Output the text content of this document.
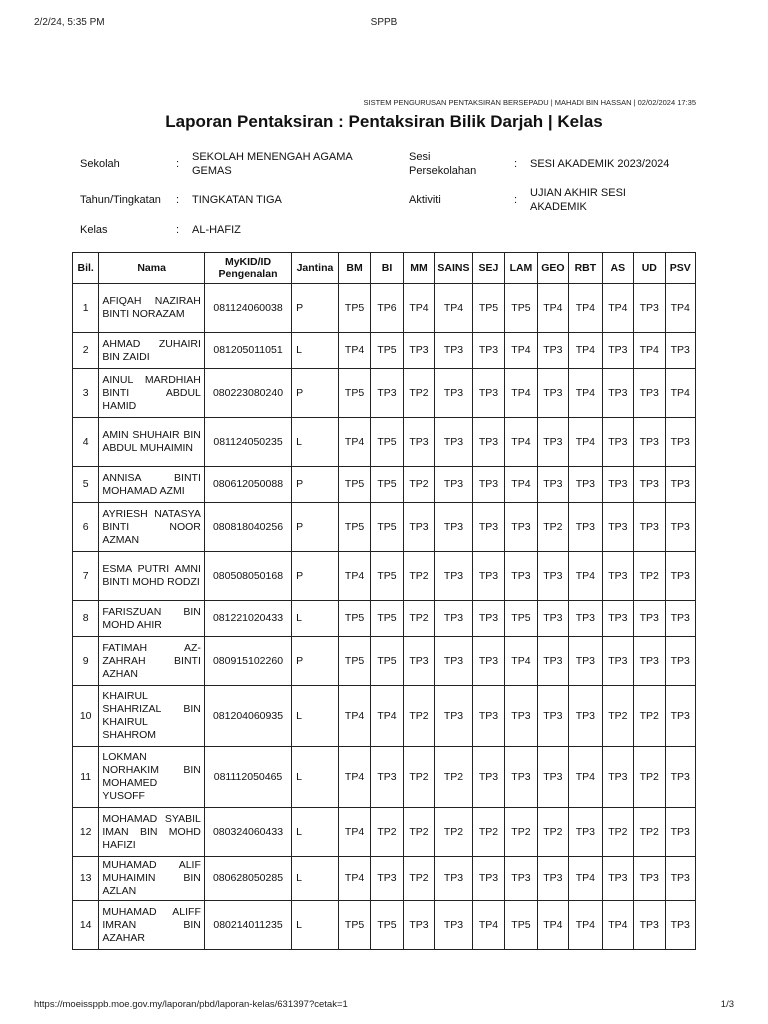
2/2/24, 5:35 PM	SPPB
SISTEM PENGURUSAN PENTAKSIRAN BERSEPADU | MAHADI BIN HASSAN | 02/02/2024 17:35
Laporan Pentaksiran : Pentaksiran Bilik Darjah | Kelas
Sekolah	:
SEKOLAH MENENGAH AGAMA GEMAS
Sesi Persekolahan
: SESI AKADEMIK 2023/2024
Tahun/Tingkatan : TINGKATAN TIGA	Aktiviti	:
UJIAN AKHIR SESI AKADEMIK
Kelas	: AL-HAFIZ
Bil.	Nama	MyKID/ID Pengenalan	Jantina	BM	BI	MM	SAINS	SEJ	LAM	GEO	RBT	AS	UD	PSV
1	AFIQAH NAZIRAH BINTI NORAZAM	081124060038	P	TP5	TP6	TP4	TP4	TP5	TP5	TP4	TP4	TP4	TP3	TP4
2	AHMAD ZUHAIRI BIN ZAIDI	081205011051	L	TP4	TP5	TP3	TP3	TP3	TP4	TP3	TP4	TP3	TP4	TP3
3	AINUL MARDHIAH BINTI ABDUL HAMID	080223080240	P	TP5	TP3	TP2	TP3	TP3	TP4	TP3	TP4	TP3	TP3	TP4
4	AMIN SHUHAIR BIN ABDUL MUHAIMIN	081124050235	L	TP4	TP5	TP3	TP3	TP3	TP4	TP3	TP4	TP3	TP3	TP3
5	ANNISA BINTI MOHAMAD AZMI	080612050088	P	TP5	TP5	TP2	TP3	TP3	TP4	TP3	TP3	TP3	TP3	TP3
6	AYRIESH NATASYA BINTI NOOR AZMAN	080818040256	P	TP5	TP5	TP3	TP3	TP3	TP3	TP2	TP3	TP3	TP3	TP3
7	ESMA PUTRI AMNI BINTI MOHD RODZI	080508050168	P	TP4	TP5	TP2	TP3	TP3	TP3	TP3	TP4	TP3	TP2	TP3
8	FARISZUAN BIN MOHD AHIR	081221020433	L	TP5	TP5	TP2	TP3	TP3	TP5	TP3	TP3	TP3	TP3	TP3
9	FATIMAH AZ-ZAHRAH BINTI AZHAN	080915102260	P	TP5	TP5	TP3	TP3	TP3	TP4	TP3	TP3	TP3	TP3	TP3
10	KHAIRUL SHAHRIZAL BIN KHAIRUL SHAHROM	081204060935	L	TP4	TP4	TP2	TP3	TP3	TP3	TP3	TP3	TP2	TP2	TP3
11	LOKMAN NORHAKIM BIN MOHAMED YUSOFF	081112050465	L	TP4	TP3	TP2	TP2	TP3	TP3	TP3	TP4	TP3	TP2	TP3
12	MOHAMAD SYABIL IMAN BIN MOHD HAFIZI	080324060433	L	TP4	TP2	TP2	TP2	TP2	TP2	TP2	TP3	TP2	TP2	TP3
13	MUHAMAD ALIF MUHAIMIN BIN AZLAN	080628050285	L	TP4	TP3	TP2	TP3	TP3	TP3	TP3	TP4	TP3	TP3	TP3
14	MUHAMAD ALIFF IMRAN BIN AZAHAR	080214011235	L	TP5	TP5	TP3	TP3	TP4	TP5	TP4	TP4	TP4	TP3	TP3
https://moeissppb.moe.gov.my/laporan/pbd/laporan-kelas/631397?cetak=1	1/3
